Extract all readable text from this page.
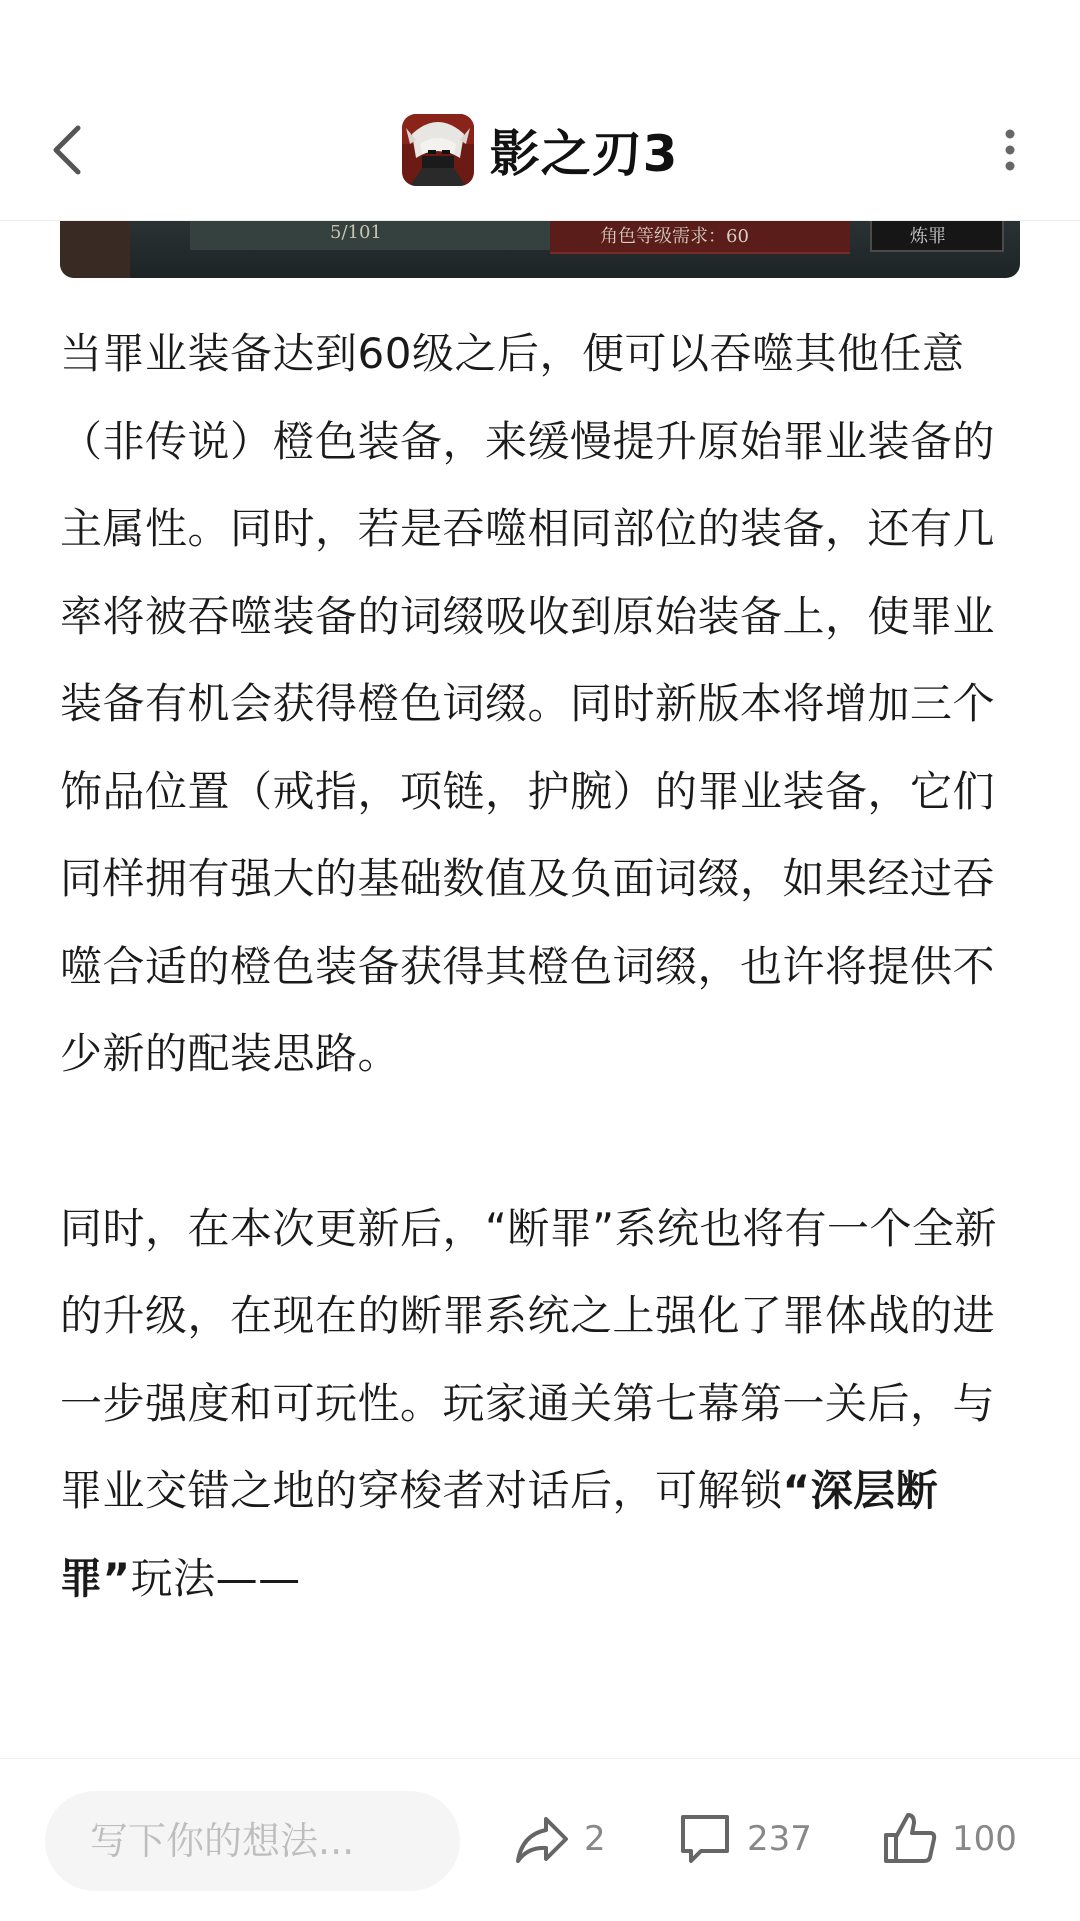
影之刃3
5/101	角色等级需求：60	炼罪

当罪业装备达到60级之后，便可以吞噬其他任意（非传说）橙色装备，来缓慢提升原始罪业装备的主属性。同时，若是吞噬相同部位的装备，还有几率将被吞噬装备的词缀吸收到原始装备上，使罪业装备有机会获得橙色词缀。同时新版本将增加三个饰品位置（戒指，项链，护腕）的罪业装备，它们同样拥有强大的基础数值及负面词缀，如果经过吞噬合适的橙色装备获得其橙色词缀，也许将提供不少新的配装思路。

同时，在本次更新后，“断罪”系统也将有一个全新的升级，在现在的断罪系统之上强化了罪体战的进一步强度和可玩性。玩家通关第七幕第一关后，与罪业交错之地的穿梭者对话后，可解锁“深层断罪”玩法——

写下你的想法...
2	237	100
